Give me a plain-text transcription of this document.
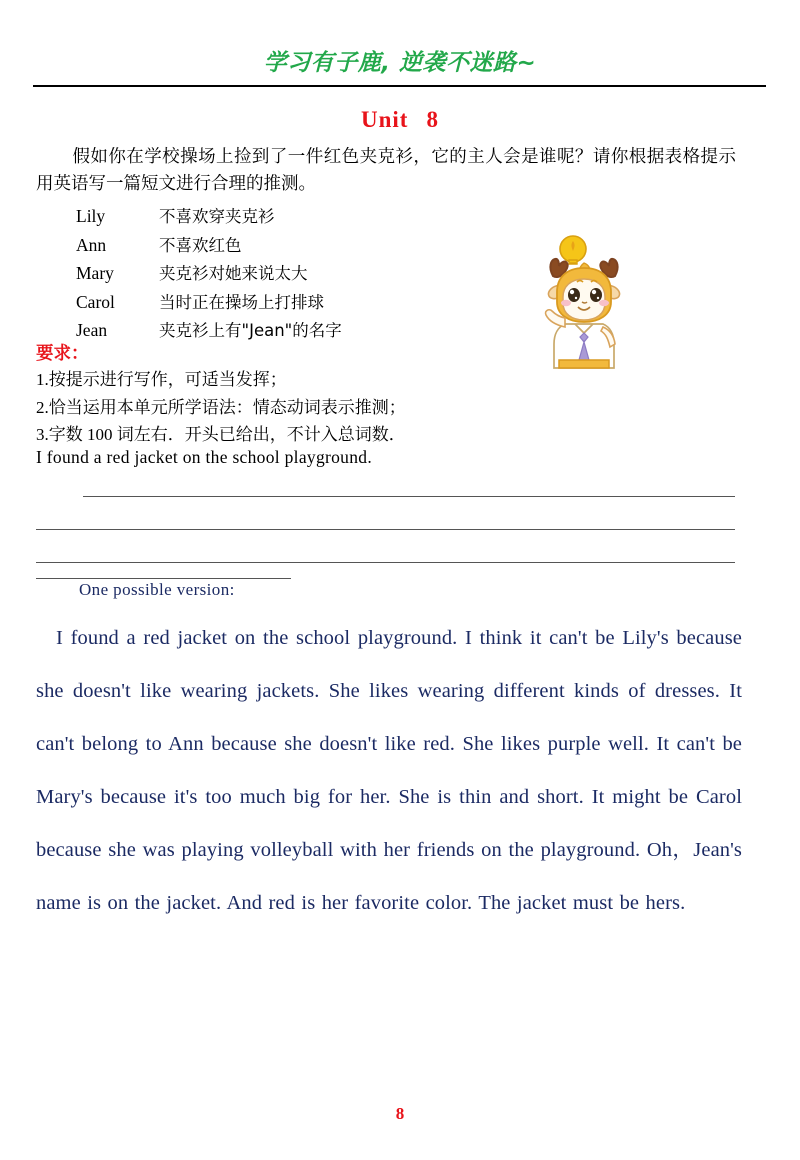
学习有子鹿, 逆袭不迷路~
Unit 8
假如你在学校操场上捡到了一件红色夹克衫，它的主人会是谁呢？请你根据表格提示用英语写一篇短文进行合理的推测。
Lily	不喜欢穿夹克衫
Ann	不喜欢红色
Mary	夹克衫对她来说太大
Carol	当时正在操场上打排球
Jean	夹克衫上有"Jean"的名字
要求：
1.按提示进行写作，可适当发挥；
2.恰当运用本单元所学语法：情态动词表示推测；
3.字数 100 词左右．开头已给出，不计入总词数．
I found a red jacket on the school playground.
One possible version:
I found a red jacket on the school playground. I think it can't be Lily's because she doesn't like wearing jackets. She likes wearing different kinds of dresses. It can't belong to Ann because she doesn't like red. She likes purple well. It can't be Mary's because it's too much big for her. She is thin and short. It might be Carol because she was playing volleyball with her friends on the playground. Oh，Jean's name is on the jacket. And red is her favorite color. The jacket must be hers.
8
